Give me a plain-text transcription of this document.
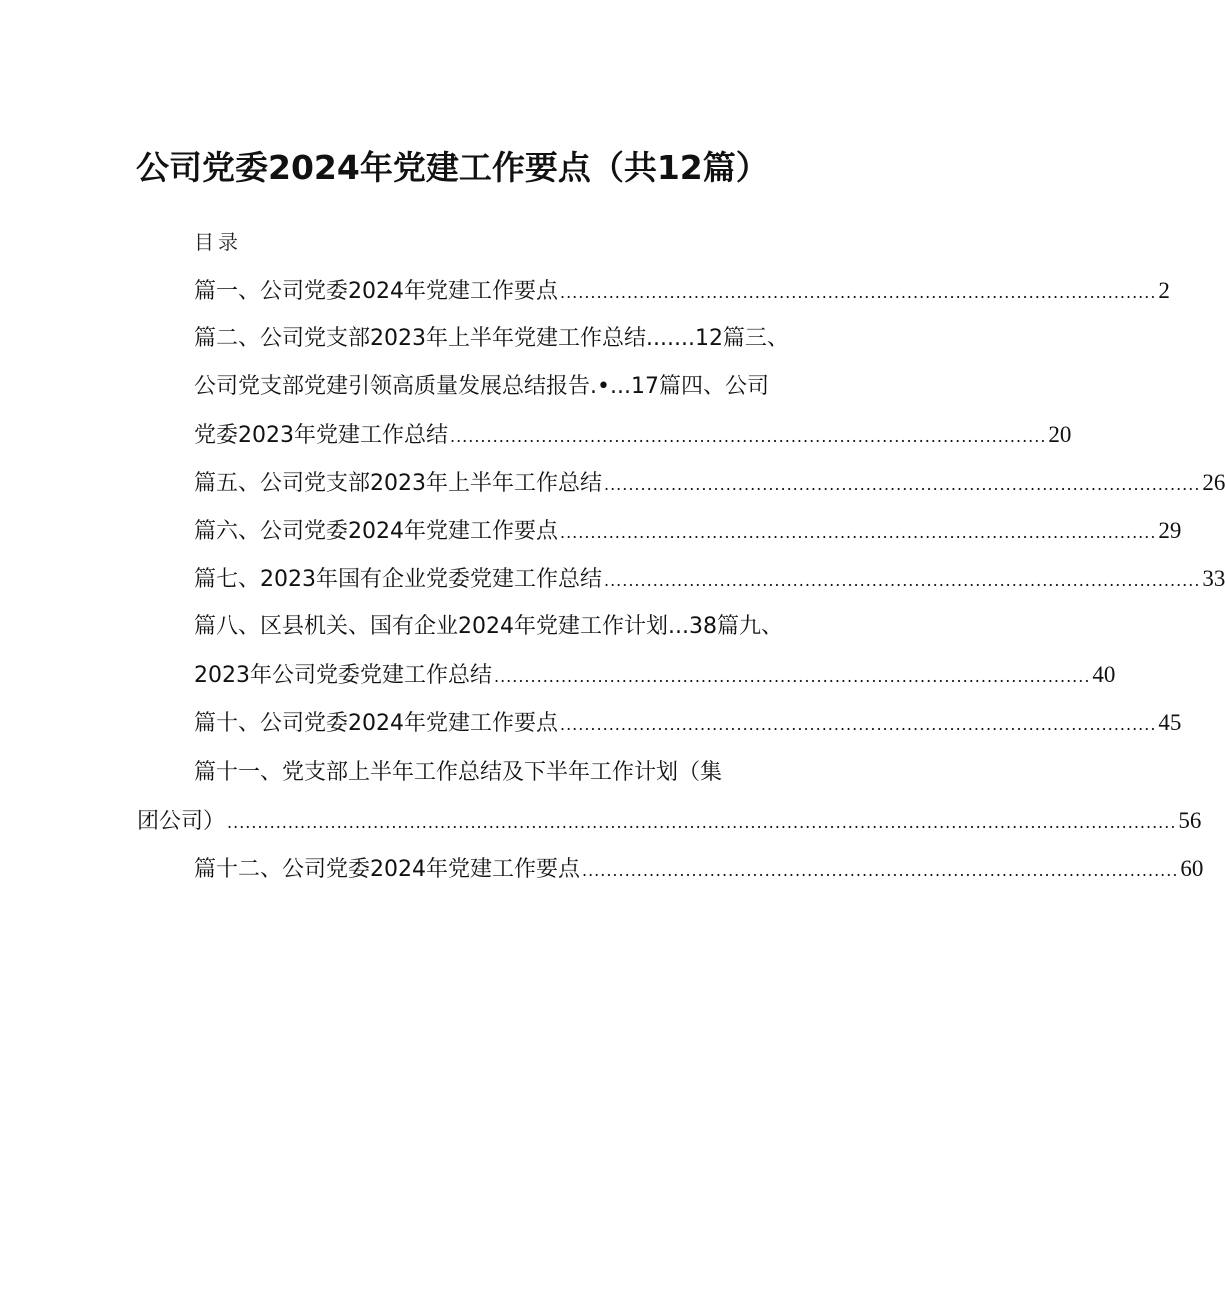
公司党委2024年党建工作要点（共12篇）
目录
篇一、公司党委2024年党建工作要点 .................................................................................................. 2
篇二、公司党支部2023年上半年党建工作总结.......12篇三、
公司党支部党建引领高质量发展总结报告.•...17篇四、公司
党委2023年党建工作总结 .................................................................................................. 20
篇五、公司党支部2023年上半年工作总结 .................................................................................................. 26
篇六、公司党委2024年党建工作要点 .................................................................................................. 29
篇七、2023年国有企业党委党建工作总结 .................................................................................................. 33
篇八、区县机关、国有企业2024年党建工作计划...38篇九、
2023年公司党委党建工作总结 .................................................................................................. 40
篇十、公司党委2024年党建工作要点 .................................................................................................. 45
篇十一、党支部上半年工作总结及下半年工作计划（集
团公司） ............................................................................................................................................................ 56
篇十二、公司党委2024年党建工作要点 .................................................................................................. 60
